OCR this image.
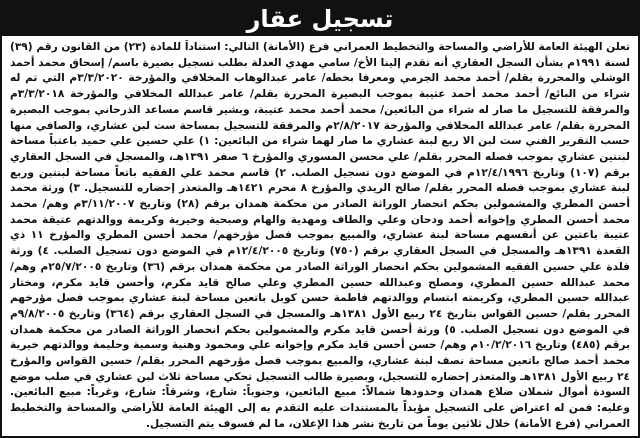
تسجيل عقار
تعلن الهيئة العامة للأراضي والمساحة والتخطيط العمراني فرع (الأمانة) التالي: استناداً للمادة (٢٣) من القانون رقم (٣٩) لسنة ١٩٩١م بشأن السجل العقاري أنه تقدم إلينا الأخ/ سامي مهدي العدلة بطلب تسجيل بصيرة باسم/ إسحاق محمد أحمد الوشلي والمحررة بقلم/ أحمد محمد الجرمي ومعرفا بخطه/ عامر عبدالوهاب المخلافي والمؤرخة ٣/٣/٢٠٢٠م التي تم له شراء من البائع/ أحمد محمد أحمد عتيبة بموجب البصيرة المحررة بقلم/ عامر عبدالله المخلافي والمؤرخة ٣/٣/٢٠١٨م والمرفقة للتسجيل ما صار له شراء من البائعين/ محمد أحمد محمد عتيبة، وبشير قاسم مساعد الذرحاني بموجب البصيرة المحررة بقلم/ عامر عبدالله المخلافي والمؤرخة ٢/٨/٢٠١٧م والمرفقة للتسجيل بمساحة ست لبن عشاري، والصافي منها حسب التقرير الفني ست لبن الا ربع لبنة عشاري ما صار لهما شراء من البائعين: ١) علي حسين علي حميد باعتباً مساحة لبنتين عشاري بموجب فصله المحرر بقلم/ علي محسن المسوري والمؤرخ ٦ صفر ١٣٩١هـ، والمسجل في السجل العقاري برقم (١٠٧) وتاريخ ١٢/٤/١٩٩٦م في الموضع دون تسجيل الصلب. ٢) قاسم محمد علي الفقيه باتعاً مساحة لبنتين وربع لبنة عشاري بموجب فصله المحرر بقلم/ صالح الريدي والمؤرخ ٨ محرم ١٤٢١هـ والمتعذر إحضاره للتسجيل. ٣) ورثة محمد أحسن المطري والمشمولين بحكم انحصار الوراثة الصادر من محكمة همدان برقم (٢٨) وتاريخ ٣/١١/٢٠٠٧م وهم/ محمد محمد أحسن المطري وإخوانه أحمد ودحان وعلي والطاف ومهدية والهام وصبحية وخيرية وكريمة ووالدتهم عتيقة محمد عتيبة باعتين عن أنفسهم مساحة لبنة عشاري، والمبيع بموجب فصل مؤرخهم/ محمد أحسن المطري والمؤرخ ١١ ذي القعدة ١٣٩١هـ والمسجل في السجل العقاري برقم (٧٥٠) وتاريخ ١٢/٤/٢٠٠٥م في الموضع دون تسجيل الصلب. ٤) ورثة فلدة علي حسين الفقيه المشمولين بحكم انحصار الوراثة الصادر من محكمة همدان برقم (٣٦) وتاريخ ٢٥/٧/٢٠٠٥م وهم/ محمد عبدالله حسين المطري، ومصلح وعبدالله حسين المطري وعلي صالح قايد مكرم، وأحسن قايد مكرم، ومختار عبدالله حسين المطري، وكريمته ابتسام ووالدتهم فاطمة حسن كوبل باتعين مساحة لبنة عشاري بموجب فصل مؤرخهم المحرر بقلم/ حسين القواس بتاريخ ٢٤ ربيع الأول ١٣٨١هـ والمسجل في السجل العقاري برقم (٣٦٤) وتاريخ ٩/٨/٢٠٠٥م في الموضع دون تسجيل الصلب. ٥) ورثة أحسن قايد مكرم والمشمولين بحكم انحصار الوراثة الصادر من محكمة همدان برقم (٤٨٥) وتاريخ ١٠/٢/٢٠١٦م وهم/ حسن أحسن قايد مكرم وإخوانه علي ومحمود وهنية وسمية وحليمة ووالدتهم خيرية محمد أحمد صالح باتعين مساحة نصف لبنة عشاري، والمبيع بموجب فصل مؤرخهم المحرر بقلم/ حسين القواس والمؤرخ ٢٤ ربيع الأول ١٣٨١هـ والمتعذر إحضاره للتسجيل، وبصيرة طالب التسجيل تحكي مساحة ثلاث لبن عشاري في صلب موضع السودة أموال شملان ضلاع همدان وحدودها شمالاً: مبيع البائعين، وجنوباً: شارع، وشرقاً: شارع، وغرباً: مبيع البائعين. وعليه: فمن له اعتراض على التسجيل مؤيداً بالمستندات عليه التقدم به إلى الهيئة العامة للأراضي والمساحة والتخطيط العمراني (فرع الأمانة) خلال ثلاثين يوماً من تاريخ نشر هذا الإعلان، ما لم فسوف يتم التسجيل.
